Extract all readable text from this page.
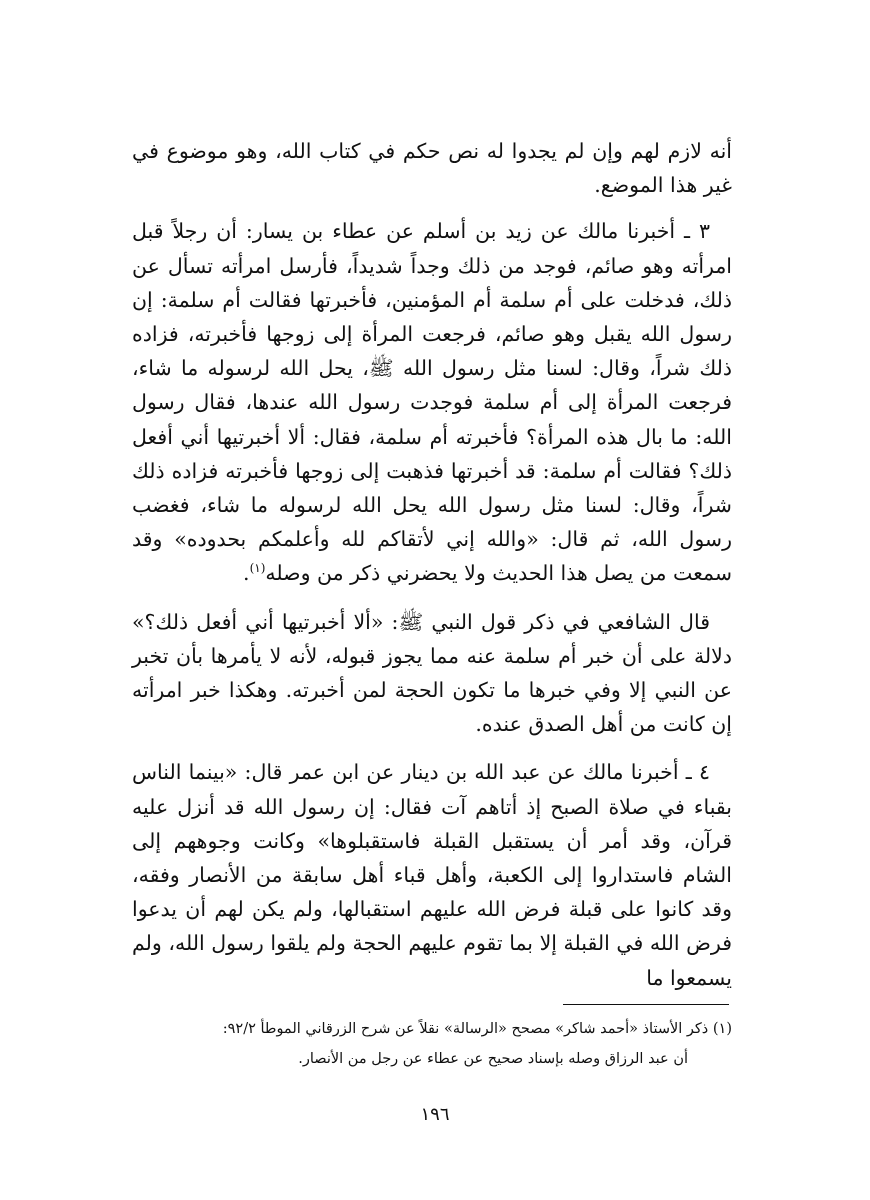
أنه لازم لهم وإن لم يجدوا له نص حكم في كتاب الله، وهو موضوع في غير هذا الموضع.

٣ ـ أخبرنا مالك عن زيد بن أسلم عن عطاء بن يسار: أن رجلاً قبل امرأته وهو صائم، فوجد من ذلك وجداً شديداً، فأرسل امرأته تسأل عن ذلك، فدخلت على أم سلمة أم المؤمنين، فأخبرتها فقالت أم سلمة: إن رسول الله يقبل وهو صائم، فرجعت المرأة إلى زوجها فأخبرته، فزاده ذلك شراً، وقال: لسنا مثل رسول الله ﷺ، يحل الله لرسوله ما شاء، فرجعت المرأة إلى أم سلمة فوجدت رسول الله عندها، فقال رسول الله: ما بال هذه المرأة؟ فأخبرته أم سلمة، فقال: ألا أخبرتيها أني أفعل ذلك؟ فقالت أم سلمة: قد أخبرتها فذهبت إلى زوجها فأخبرته فزاده ذلك شراً، وقال: لسنا مثل رسول الله يحل الله لرسوله ما شاء، فغضب رسول الله، ثم قال: «والله إني لأتقاكم لله وأعلمكم بحدوده» وقد سمعت من يصل هذا الحديث ولا يحضرني ذكر من وصله$^{(١)}$.

قال الشافعي في ذكر قول النبي ﷺ: «ألا أخبرتيها أني أفعل ذلك؟» دلالة على أن خبر أم سلمة عنه مما يجوز قبوله، لأنه لا يأمرها بأن تخبر عن النبي إلا وفي خبرها ما تكون الحجة لمن أخبرته. وهكذا خبر امرأته إن كانت من أهل الصدق عنده.

٤ ـ أخبرنا مالك عن عبد الله بن دينار عن ابن عمر قال: «بينما الناس بقباء في صلاة الصبح إذ أتاهم آت فقال: إن رسول الله قد أنزل عليه قرآن، وقد أمر أن يستقبل القبلة فاستقبلوها» وكانت وجوههم إلى الشام فاستداروا إلى الكعبة، وأهل قباء أهل سابقة من الأنصار وفقه، وقد كانوا على قبلة فرض الله عليهم استقبالها، ولم يكن لهم أن يدعوا فرض الله في القبلة إلا بما تقوم عليهم الحجة ولم يلقوا رسول الله، ولم يسمعوا ما

(١) ذكر الأستاذ «أحمد شاكر» مصحح «الرسالة» نقلاً عن شرح الزرقاني الموطأ ٩٢/٢:

أن عبد الرزاق وصله بإسناد صحيح عن عطاء عن رجل من الأنصار.

١٩٦
